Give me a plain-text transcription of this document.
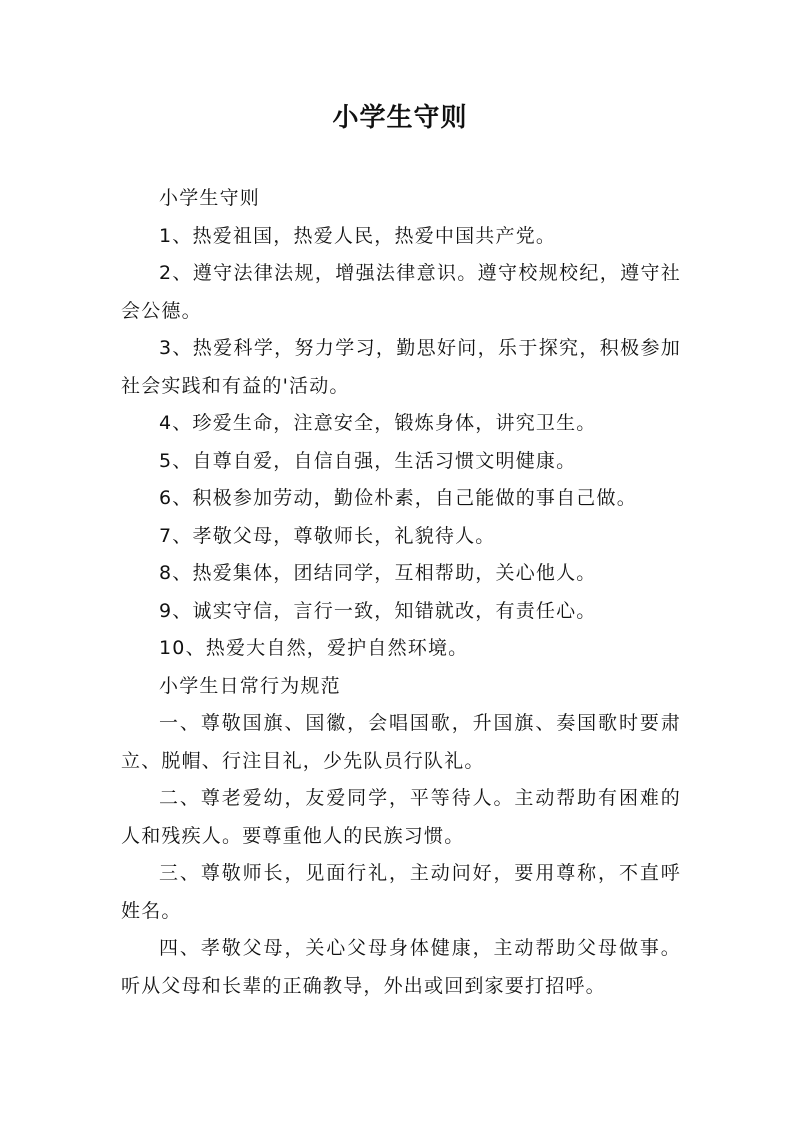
小学生守则

小学生守则

1、热爱祖国，热爱人民，热爱中国共产党。

2、遵守法律法规，增强法律意识。遵守校规校纪，遵守社会公德。

3、热爱科学，努力学习，勤思好问，乐于探究，积极参加社会实践和有益的'活动。

4、珍爱生命，注意安全，锻炼身体，讲究卫生。

5、自尊自爱，自信自强，生活习惯文明健康。

6、积极参加劳动，勤俭朴素，自己能做的事自己做。

7、孝敬父母，尊敬师长，礼貌待人。

8、热爱集体，团结同学，互相帮助，关心他人。

9、诚实守信，言行一致，知错就改，有责任心。

10、热爱大自然，爱护自然环境。

小学生日常行为规范

一、尊敬国旗、国徽，会唱国歌，升国旗、奏国歌时要肃立、脱帽、行注目礼，少先队员行队礼。

二、尊老爱幼，友爱同学，平等待人。主动帮助有困难的人和残疾人。要尊重他人的民族习惯。

三、尊敬师长，见面行礼，主动问好，要用尊称，不直呼姓名。

四、孝敬父母，关心父母身体健康，主动帮助父母做事。听从父母和长辈的正确教导，外出或回到家要打招呼。
